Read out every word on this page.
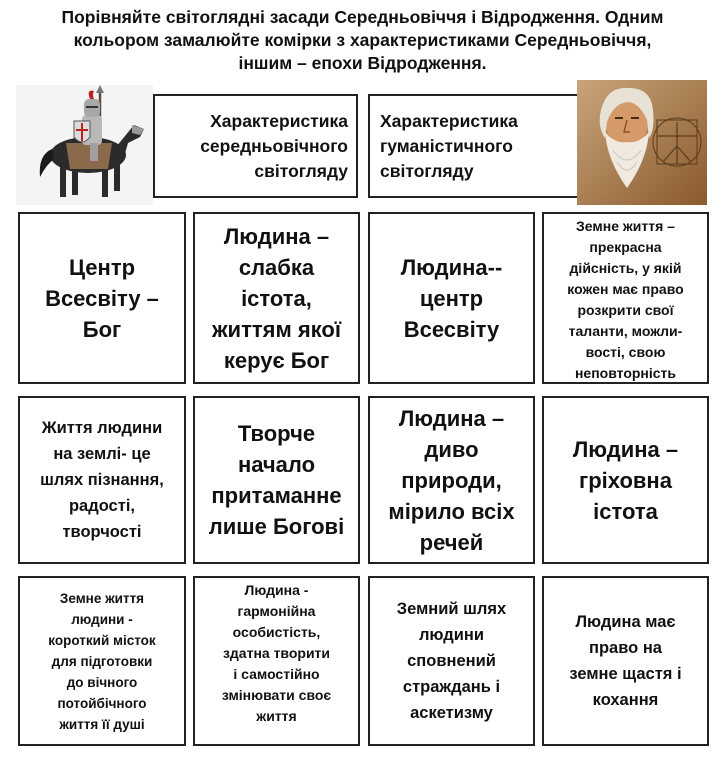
Порівняйте світоглядні засади Середньовіччя і Відродження. Одним
кольором замалюйте комірки з характеристиками Середньовіччя,
іншим – епохи Відродження.
Характеристика
середньовічного
світогляду
Характеристика
гуманістичного
світогляду
Центр
Всесвіту –
Бог
Людина –
слабка
істота,
життям якої
керує Бог
Людина--
центр
Всесвіту
Земне життя –
прекрасна
дійсність, у якій
кожен має право
розкрити свої
таланти, можли-
вості, свою
неповторність
Життя людини
на землі- це
шлях пізнання,
радості,
творчості
Творче
начало
притаманне
лише Богові
Людина –
диво
природи,
мірило всіх
речей
Людина –
гріховна
істота
Земне життя
людини -
короткий місток
для підготовки
до вічного
потойбічного
життя її душі
Людина -
гармонійна
особистість,
здатна творити
і самостійно
змінювати своє
життя
Земний шлях
людини
сповнений
страждань і
аскетизму
Людина має
право на
земне щастя і
кохання
